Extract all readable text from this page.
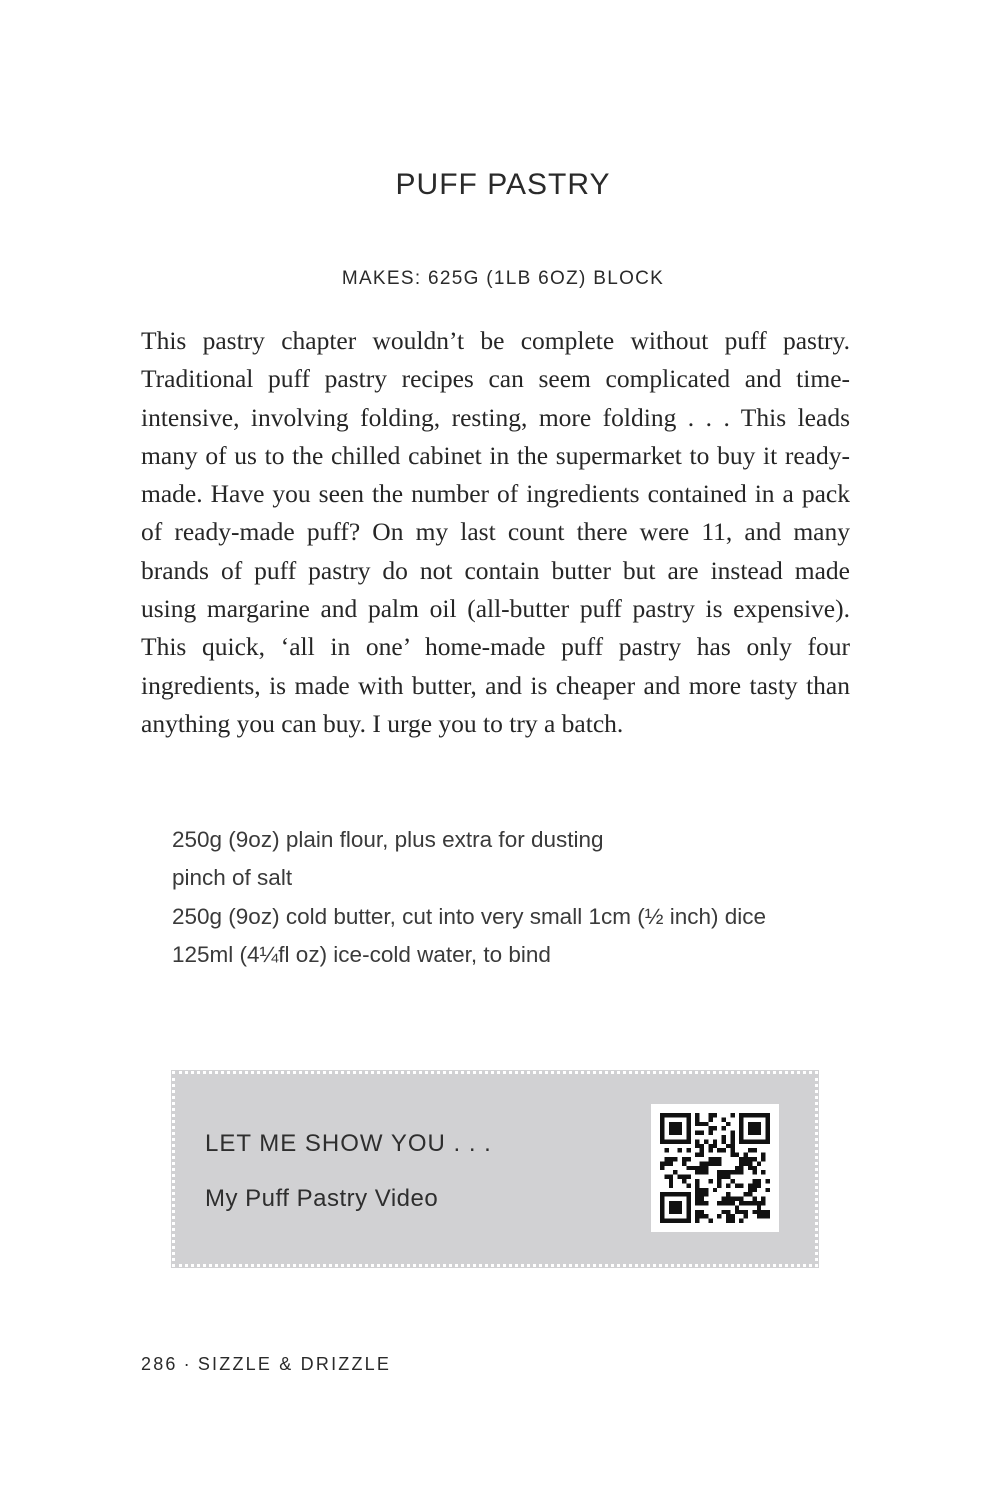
PUFF PASTRY
MAKES: 625G (1LB 6OZ) BLOCK

This pastry chapter wouldn’t be complete without puff pastry. Traditional puff pastry recipes can seem complicated and time-intensive, involving folding, resting, more folding . . . This leads many of us to the chilled cabinet in the supermarket to buy it ready-made. Have you seen the number of ingredients contained in a pack of ready-made puff? On my last count there were 11, and many brands of puff pastry do not contain butter but are instead made using margarine and palm oil (all-butter puff pastry is expensive). This quick, ‘all in one’ home-made puff pastry has only four ingredients, is made with butter, and is cheaper and more tasty than anything you can buy. I urge you to try a batch.

250g (9oz) plain flour, plus extra for dusting
pinch of salt
250g (9oz) cold butter, cut into very small 1cm (½ inch) dice
125ml (4¼fl oz) ice-cold water, to bind
LET ME SHOW YOU . . .
My Puff Pastry Video
286 · SIZZLE & DRIZZLE
